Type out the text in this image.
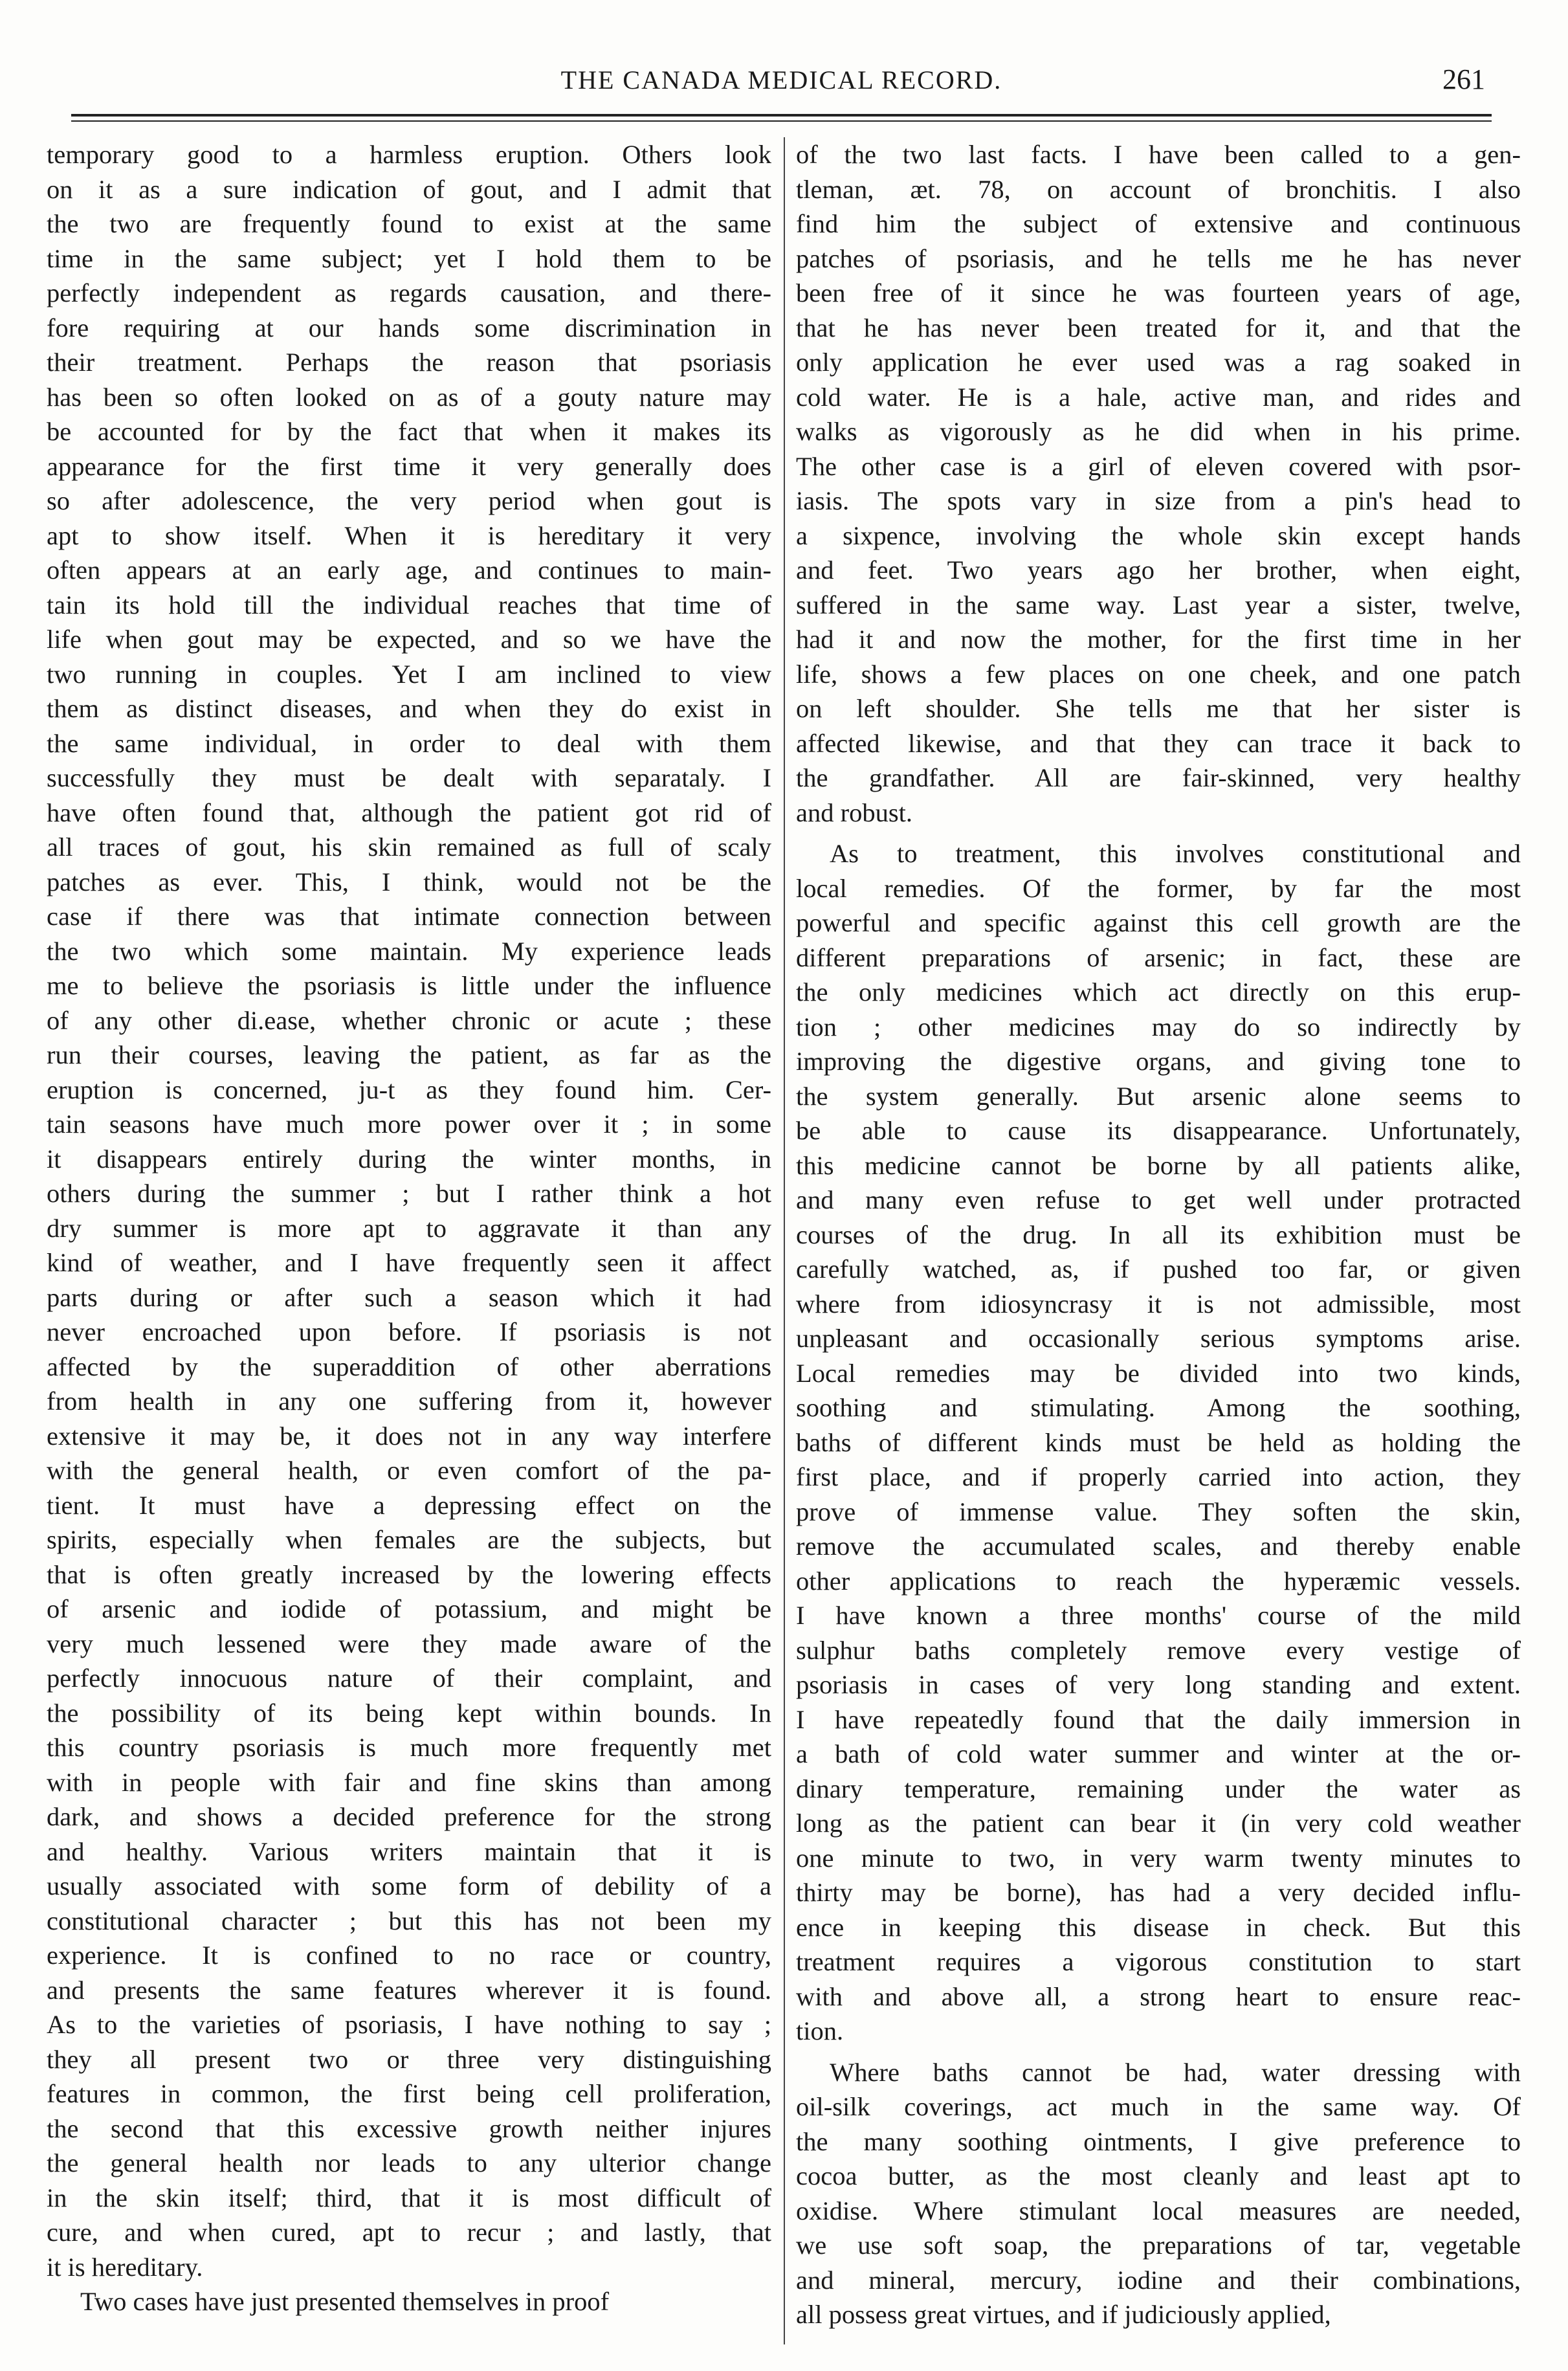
THE CANADA MEDICAL RECORD.	261
temporary good to a harmless eruption. Others look
on it as a sure indication of gout, and I admit that
the two are frequently found to exist at the same
time in the same subject; yet I hold them to be
perfectly independent as regards causation, and there-
fore requiring at our hands some discrimination in
their treatment. Perhaps the reason that psoriasis
has been so often looked on as of a gouty nature may
be accounted for by the fact that when it makes its
appearance for the first time it very generally does
so after adolescence, the very period when gout is
apt to show itself. When it is hereditary it very
often appears at an early age, and continues to main-
tain its hold till the individual reaches that time of
life when gout may be expected, and so we have the
two running in couples. Yet I am inclined to view
them as distinct diseases, and when they do exist in
the same individual, in order to deal with them
successfully they must be dealt with separataly. I
have often found that, although the patient got rid of
all traces of gout, his skin remained as full of scaly
patches as ever. This, I think, would not be the
case if there was that intimate connection between
the two which some maintain. My experience leads
me to believe the psoriasis is little under the influence
of any other di.ease, whether chronic or acute ; these
run their courses, leaving the patient, as far as the
eruption is concerned, ju-t as they found him. Cer-
tain seasons have much more power over it ; in some
it disappears entirely during the winter months, in
others during the summer ; but I rather think a hot
dry summer is more apt to aggravate it than any
kind of weather, and I have frequently seen it affect
parts during or after such a season which it had
never encroached upon before. If psoriasis is not
affected by the superaddition of other aberrations
from health in any one suffering from it, however
extensive it may be, it does not in any way interfere
with the general health, or even comfort of the pa-
tient. It must have a depressing effect on the
spirits, especially when females are the subjects, but
that is often greatly increased by the lowering effects
of arsenic and iodide of potassium, and might be
very much lessened were they made aware of the
perfectly innocuous nature of their complaint, and
the possibility of its being kept within bounds. In
this country psoriasis is much more frequently met
with in people with fair and fine skins than among
dark, and shows a decided preference for the strong
and healthy. Various writers maintain that it is
usually associated with some form of debility of a
constitutional character ; but this has not been my
experience. It is confined to no race or country,
and presents the same features wherever it is found.
As to the varieties of psoriasis, I have nothing to say ;
they all present two or three very distinguishing
features in common, the first being cell proliferation,
the second that this excessive growth neither injures
the general health nor leads to any ulterior change
in the skin itself; third, that it is most difficult of
cure, and when cured, apt to recur ; and lastly, that
it is hereditary.
Two cases have just presented themselves in proof
of the two last facts. I have been called to a gen-
tleman, æt. 78, on account of bronchitis. I also
find him the subject of extensive and continuous
patches of psoriasis, and he tells me he has never
been free of it since he was fourteen years of age,
that he has never been treated for it, and that the
only application he ever used was a rag soaked in
cold water. He is a hale, active man, and rides and
walks as vigorously as he did when in his prime.
The other case is a girl of eleven covered with psor-
iasis. The spots vary in size from a pin's head to
a sixpence, involving the whole skin except hands
and feet. Two years ago her brother, when eight,
suffered in the same way. Last year a sister, twelve,
had it and now the mother, for the first time in her
life, shows a few places on one cheek, and one patch
on left shoulder. She tells me that her sister is
affected likewise, and that they can trace it back to
the grandfather. All are fair-skinned, very healthy
and robust.
As to treatment, this involves constitutional and
local remedies. Of the former, by far the most
powerful and specific against this cell growth are the
different preparations of arsenic; in fact, these are
the only medicines which act directly on this erup-
tion ; other medicines may do so indirectly by
improving the digestive organs, and giving tone to
the system generally. But arsenic alone seems to
be able to cause its disappearance. Unfortunately,
this medicine cannot be borne by all patients alike,
and many even refuse to get well under protracted
courses of the drug. In all its exhibition must be
carefully watched, as, if pushed too far, or given
where from idiosyncrasy it is not admissible, most
unpleasant and occasionally serious symptoms arise.
Local remedies may be divided into two kinds,
soothing and stimulating. Among the soothing,
baths of different kinds must be held as holding the
first place, and if properly carried into action, they
prove of immense value. They soften the skin,
remove the accumulated scales, and thereby enable
other applications to reach the hyperæmic vessels.
I have known a three months' course of the mild
sulphur baths completely remove every vestige of
psoriasis in cases of very long standing and extent.
I have repeatedly found that the daily immersion in
a bath of cold water summer and winter at the or-
dinary temperature, remaining under the water as
long as the patient can bear it (in very cold weather
one minute to two, in very warm twenty minutes to
thirty may be borne), has had a very decided influ-
ence in keeping this disease in check. But this
treatment requires a vigorous constitution to start
with and above all, a strong heart to ensure reac-
tion.
Where baths cannot be had, water dressing with
oil-silk coverings, act much in the same way. Of
the many soothing ointments, I give preference to
cocoa butter, as the most cleanly and least apt to
oxidise. Where stimulant local measures are needed,
we use soft soap, the preparations of tar, vegetable
and mineral, mercury, iodine and their combinations,
all possess great virtues, and if judiciously applied,
